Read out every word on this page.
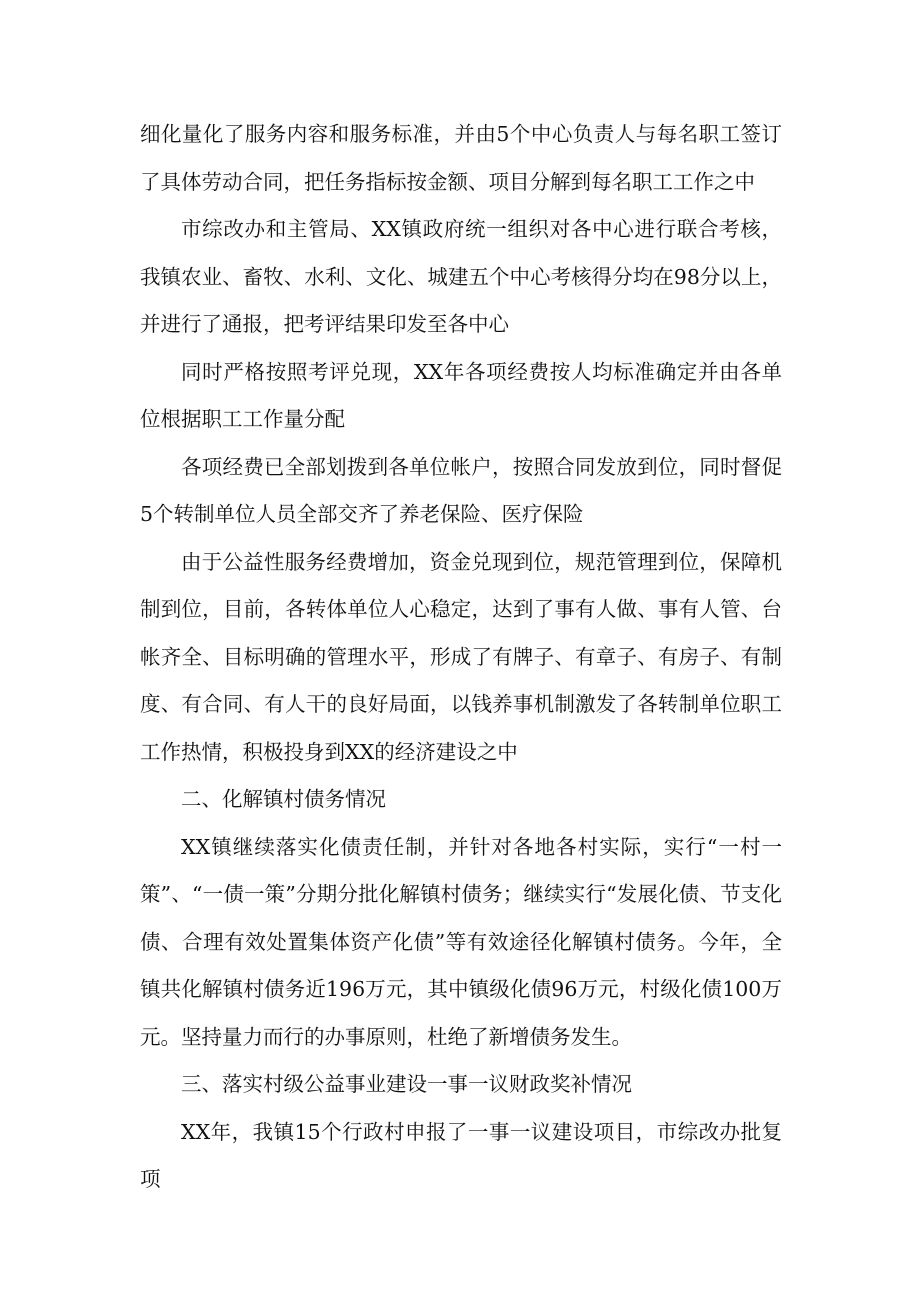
细化量化了服务内容和服务标准，并由5个中心负责人与每名职工签订了具体劳动合同，把任务指标按金额、项目分解到每名职工工作之中

市综改办和主管局、XX镇政府统一组织对各中心进行联合考核，我镇农业、畜牧、水利、文化、城建五个中心考核得分均在98分以上，并进行了通报，把考评结果印发至各中心

同时严格按照考评兑现，XX年各项经费按人均标准确定并由各单位根据职工工作量分配

各项经费已全部划拨到各单位帐户，按照合同发放到位，同时督促5个转制单位人员全部交齐了养老保险、医疗保险

由于公益性服务经费增加，资金兑现到位，规范管理到位，保障机制到位，目前，各转体单位人心稳定，达到了事有人做、事有人管、台帐齐全、目标明确的管理水平，形成了有牌子、有章子、有房子、有制度、有合同、有人干的良好局面，以钱养事机制激发了各转制单位职工工作热情，积极投身到XX的经济建设之中

二、化解镇村债务情况

XX镇继续落实化债责任制，并针对各地各村实际，实行“一村一策”、“一债一策”分期分批化解镇村债务；继续实行“发展化债、节支化债、合理有效处置集体资产化债”等有效途径化解镇村债务。今年，全镇共化解镇村债务近196万元，其中镇级化债96万元，村级化债100万元。坚持量力而行的办事原则，杜绝了新增债务发生。

三、落实村级公益事业建设一事一议财政奖补情况

XX年，我镇15个行政村申报了一事一议建设项目，市综改办批复项
